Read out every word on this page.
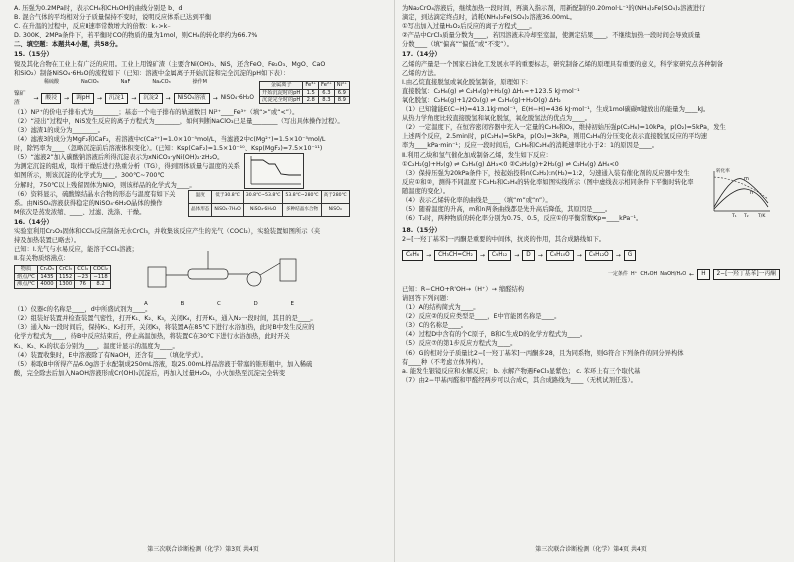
A. 压强为0.2MPa时，表示CH₄和CH₃OH的曲线分别是 b、d

B. 混合气体的平均相对分子质量保持不变时，说明反应体系已达到平衡

C. 在升温的过程中，反应Ⅱ速率常数增大的倍数：k₊>k₋

D. 300K、2MPa条件下，若平衡时CO的物质的量为1mol，则CH₄的转化率约为66.7%

二、填空题：本题共4小题，共58分。

15.（15分）

镍及其化合物在工业上有广泛的应用。工业上用镍矿渣（主要含Ni(OH)₂、NiS，还含FeO、Fe₂O₃、MgO、CaO

和SiO₂）制备NiSO₄·6H₂O的流程如下（已知：溶液中金属离子开始沉淀和完全沉淀的pH如下表）：

稀硫酸	NaClO₃	NaF	Na₂CO₃	操作M
镍矿渣
→	酸浸	→	调pH	→	沉淀1	→	沉淀2	→	NiSO₄溶液	→ NiSO₄·6H₂O
金属离子	Fe³⁺	Fe²⁺	Ni²⁺
开始沉淀时的pH	1.5	6.3	6.9
沉淀完全时的pH	2.8	8.3	8.9

（1）Ni²⁺的价电子排布式为________；基态一个电子排布的轨道数目 Ni²⁺____Fe³⁺（填“>”或“<”）。

（2）“浸出”过程中，NiS发生反应的离子方程式为________，如何判断NaClO₃已足量________（写出具体操作过程）。

（3）滤渣1的成分为________。

（4）滤液3的成分为MgF₂和CaF₂，若溶液中c(Ca²⁺)=1.0×10⁻⁵mol/L，当滤液2中c(Mg²⁺)=1.5×10⁻⁵mol/L

时，除钙率为____（忽略沉淀前后溶液体积变化）。(已知：Ksp(CaF₂)=1.5×10⁻¹⁰、Ksp(MgF₂)=7.5×10⁻¹¹)

（5）“滤液2”加入碳酸钠溶液后所得沉淀表示为xNiCO₃·yNi(OH)₂·zH₂O。

为测定沉淀的组成，取样干燥后进行热重分析（TG），得到固体质量与温度的关系

如图所示，则该沉淀的化学式为____。300℃~700℃

分解时，750℃以上残留固体为NiO，则该样品的化学式为____。

（6）资料显示，硫酸镍结晶水合物的形态与温度有如下关系。由NiSO₄溶液获得稳定的NiSO₄·6H₂O晶体的操作

M依次是蒸发浓缩、____、过滤、洗涤、干燥。

温度	低于30.8℃	30.8℃~53.8℃	53.8℃~280℃	高于280℃
晶体形态	NiSO₄·7H₂O	NiSO₄·6H₂O	多种结晶水合物	NiSO₄

16.（14分）

实验室利用Cr₂O₃固体和CCl₄反应制备无水CrCl₃，并收集该反应产生的光气（COCl₂），实验装置如图所示（夹

持及加热装置已略去）。

已知：Ⅰ.光气与水易反应，能溶于CCl₄溶液；

Ⅱ.有关物质熔沸点：

物质	Cr₂O₃	CrCl₃	CCl₄	COCl₂
熔点/℃	1435	1152	−23	−118
沸点/℃	4000	1300	76	8.2
A	B	C	D	E

（1）仪器c的名称是____，d中所盛试剂为____。

（2）组装好装置并检查装置气密性，打开K₁、K₂、K₃，关闭K₄，打开K₁，通入N₂一段时间，其目的是____。

（3）通入N₂一段时间后，保持K₁、K₂打开，关闭K₃，将装置A在85℃下进行水浴加热，此时B中发生反应的

化学方程式为____，待B中反应结束后，停止高温加热，将装置C在30℃下进行水浴加热，此时开关

K₁、K₂、K₃的状态分别为____，温度计显示的温度为____。

（4）装置收集时，E中溶液除了有NaOH，还含有____（填化学式）。

（5）称取B中所得产品6.0g溶于水配制成250mL溶液，取25.00mL样品溶液于带塞的锥形瓶中，加入稀硫

酸，完全除去后加入NaOH溶液形成Cr(OH)₃沉淀后，再加入过量H₂O₂，小火加热至沉淀完全转变

第三次联合诊断检测（化学）第3页 共4页

为Na₂CrO₄溶液后，继续加热一段时间，再滴入指示剂，用新配制的0.20mol·L⁻¹的(NH₄)₂Fe(SO₄)₂溶液进行

滴定，到达滴定终点时，消耗(NH₄)₂Fe(SO₄)₂溶液36.00mL。

①写出加入过量H₂O₂后反应的离子方程式____。

②产品中CrCl₃质量分数为____，若因溶液未冷却至室温，使测定结果____，不继续加热一段时间会导致质量

分数____（填“偏高”“偏低”或“不变”）。

17.（14分）

乙烯的产量是一个国家石油化工发展水平的重要标志，研究制备乙烯的原理具有重要的意义，科学家研究点各种制备

乙烯的方法。

Ⅰ.由乙烷直接脱氢或氧化脱氢制备，原理如下：

直接脱氢：C₂H₆(g) ⇌ C₂H₄(g)+H₂(g) ΔH₁=+123.5 kJ·mol⁻¹

氧化脱氢：C₂H₆(g)+1/2O₂(g) ⇌ C₂H₄(g)+H₂O(g) ΔH₂

（1）已知键能E(C−H)=413.1kJ·mol⁻¹，E(H−H)=436 kJ·mol⁻¹，生成1mol碳碳π键放出的能量为____kJ。

从热力学角度比较直接脱氢和氧化脱氢，氧化脱氢法的优点为____。

（2）一定温度下，在恒容密闭容器中充入一定量的C₂H₆和O₂，维持初始压强p(C₂H₆)=10kPa，p(O₂)=5kPa，发生

上述两个反应，2.5min时，p(C₂H₆)=5kPa，p(O₂)=3kPa，则用C₂H₆的分压变化表示直接脱氢反应的平均速

率为____kPa·min⁻¹；反应一段时间后，C₂H₆和C₂H₄的消耗速率比小于2：1的原因是____。

Ⅱ.利用乙炔和氢气催化加成制备乙烯，发生如下反应：

①C₂H₂(g)+H₂(g) ⇌ C₂H₄(g) ΔH₃<0 ②C₂H₂(g)+2H₂(g) ⇌ C₂H₆(g) ΔH₄<0

（3）保持压强为20kPa条件下，按起始投料n(C₂H₂):n(H₂)=1:2，匀速通入装有催化剂的反应器中发生

反应①和②，测得不同温度下C₂H₂和C₂H₄的转化率如图实线所示（图中虚线表示相同条件下平衡时转化率

随温度的变化）。

（4）表示乙烯转化率的曲线是____（填“m”或“n”）。

（5）随着温度的升高，m和n两条曲线都是先升高后降低，其原因是____。

（6）T₂时，两种物质的转化率分别为0.75、0.5，反应①的平衡常数Kp=____kPa⁻¹。

转化率
m
n
T₁ T₂ T/K

18.（15分）

2−[一羟丁基苯]一丙酮是重要的中间体，抗炎的作用，其合成路线如下。

C₆H₆	→	CH₃CH=CH₂	→	C₉H₁₂	→	D	→	C₉H₁₀O	→	C₉H₁₂O	→	G
一定条件 H⁺ CH₂OH NaOH/H₂O ←	H	2−[一羟丁基苯]一丙酮

已知：R−CHO+R'OH→（H⁺）→ 缩醛结构

请回答下列问题：

（1）A的结构简式为____。

（2）反应②的反应类型是____，E中官能团名称是____。

（3）C的名称是____。

（4）过程D中含有的个C原子，B和C生成D的化学方程式为____。

（5）反应⑦的第1步反应方程式为____。

（6）G的相对分子质量比2−[一羟丁基苯]一丙酮多28，且为同系物，则G符合下列条件的同分异构体

有____种（不考虑立体异构）。

a. 能发生银镜反应和水解反应； b. 水解产物遇FeCl₃显紫色； c. 苯环上有三个取代基

（7）由2−甲基丙醛和甲醛经两步可以合成C，其合成路线为____（无机试剂任选）。

第三次联合诊断检测（化学）第4页 共4页
